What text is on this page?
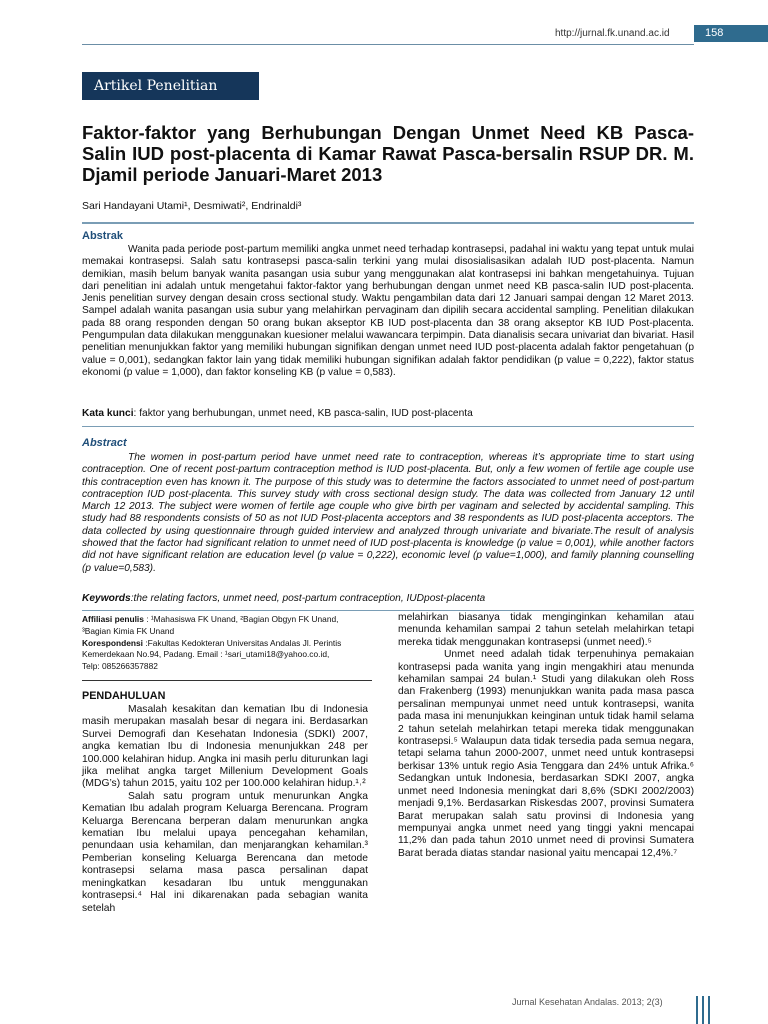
http://jurnal.fk.unand.ac.id	158
Artikel Penelitian
Faktor-faktor yang Berhubungan Dengan Unmet Need KB Pasca-Salin IUD post-placenta di Kamar Rawat Pasca-bersalin RSUP DR. M. Djamil periode Januari-Maret 2013
Sari Handayani Utami¹, Desmiwati², Endrinaldi³
Abstrak

Wanita pada periode post-partum memiliki angka unmet need terhadap kontrasepsi, padahal ini waktu yang tepat untuk mulai memakai kontrasepsi. Salah satu kontrasepsi pasca-salin terkini yang mulai disosialisasikan adalah IUD post-placenta. Namun demikian, masih belum banyak wanita pasangan usia subur yang menggunakan alat kontrasepsi ini bahkan mengetahuinya. Tujuan dari penelitian ini adalah untuk mengetahui faktor-faktor yang berhubungan dengan unmet need KB pasca-salin IUD post-placenta. Jenis penelitian survey dengan desain cross sectional study. Waktu pengambilan data dari 12 Januari sampai dengan 12 Maret 2013. Sampel adalah wanita pasangan usia subur yang melahirkan pervaginam dan dipilih secara accidental sampling. Penelitian dilakukan pada 88 orang responden dengan 50 orang bukan akseptor KB IUD post-placenta dan 38 orang akseptor KB IUD Post-placenta. Pengumpulan data dilakukan menggunakan kuesioner melalui wawancara terpimpin. Data dianalisis secara univariat dan bivariat. Hasil penelitian menunjukkan faktor yang memiliki hubungan signifikan dengan unmet need IUD post-placenta adalah faktor pengetahuan (p value = 0,001), sedangkan faktor lain yang tidak memiliki hubungan signifikan adalah faktor pendidikan (p value = 0,222), faktor status ekonomi (p value = 1,000), dan faktor konseling KB (p value = 0,583).

Kata kunci: faktor yang berhubungan, unmet need, KB pasca-salin, IUD post-placenta

Abstract

The women in post-partum period have unmet need rate to contraception, whereas it’s appropriate time to start using contraception. One of recent post-partum contraception method is IUD post-placenta. But, only a few women of fertile age couple use this contraception even has known it. The purpose of this study was to determine the factors associated to unmet need of post-partum contraception IUD post-placenta. This survey study with cross sectional design study. The data was collected from January 12 until March 12 2013. The subject were women of fertile age couple who give birth per vaginam and selected by accidental sampling. This study had 88 respondents consists of 50 as not IUD Post-placenta acceptors and 38 respondents as IUD post-placenta acceptors. The data collected by using questionnaire through guided interview and analyzed through univariate and bivariate.The result of analysis showed that the factor had significant relation to unmet need of IUD post-placenta is knowledge (p value = 0,001), while another factors did not have significant relation are education level (p value = 0,222), economic level (p value=1,000), and family planning counselling (p value=0,583).

Keywords:the relating factors, unmet need, post-partum contraception, IUDpost-placenta

Affiliasi penulis : ¹Mahasiswa FK Unand, ²Bagian Obgyn FK Unand,
³Bagian Kimia FK Unand
Korespondensi :Fakultas Kedokteran Universitas Andalas Jl. Perintis
Kemerdekaan No.94, Padang. Email : ¹sari_utami18@yahoo.co.id,
Telp: 085266357882
PENDAHULUAN

Masalah kesakitan dan kematian Ibu di Indonesia masih merupakan masalah besar di negara ini. Berdasarkan Survei Demografi dan Kesehatan Indonesia (SDKI) 2007, angka kematian Ibu di Indonesia menunjukkan 248 per 100.000 kelahiran hidup. Angka ini masih perlu diturunkan lagi jika melihat angka target Millenium Development Goals (MDG’s) tahun 2015, yaitu 102 per 100.000 kelahiran hidup.¹˒²

Salah satu program untuk menurunkan Angka Kematian Ibu adalah program Keluarga Berencana. Program Keluarga Berencana berperan dalam menurunkan angka kematian Ibu melalui upaya pencegahan kehamilan, penundaan usia kehamilan, dan menjarangkan kehamilan.³ Pemberian konseling Keluarga Berencana dan metode kontrasepsi selama masa pasca persalinan dapat meningkatkan kesadaran Ibu untuk menggunakan kontrasepsi.⁴ Hal ini dikarenakan pada sebagian wanita setelah

melahirkan biasanya tidak menginginkan kehamilan atau menunda kehamilan sampai 2 tahun setelah melahirkan tetapi mereka tidak menggunakan kontrasepsi (unmet need).⁵

Unmet need adalah tidak terpenuhinya pemakaian kontrasepsi pada wanita yang ingin mengakhiri atau menunda kehamilan sampai 24 bulan.¹ Studi yang dilakukan oleh Ross dan Frakenberg (1993) menunjukkan wanita pada masa pasca persalinan mempunyai unmet need untuk kontrasepsi, wanita pada masa ini menunjukkan keinginan untuk tidak hamil selama 2 tahun setelah melahirkan tetapi mereka tidak menggunakan kontrasepsi.⁵ Walaupun data tidak tersedia pada semua negara, tetapi selama tahun 2000-2007, unmet need untuk kontrasepsi berkisar 13% untuk regio Asia Tenggara dan 24% untuk Afrika.⁶ Sedangkan untuk Indonesia, berdasarkan SDKI 2007, angka unmet need Indonesia meningkat dari 8,6% (SDKI 2002/2003) menjadi 9,1%. Berdasarkan Riskesdas 2007, provinsi Sumatera Barat merupakan salah satu provinsi di Indonesia yang mempunyai angka unmet need yang tinggi yakni mencapai 11,2% dan pada tahun 2010 unmet need di provinsi Sumatera Barat berada diatas standar nasional yaitu mencapai 12,4%.⁷

Jurnal Kesehatan Andalas. 2013; 2(3)
